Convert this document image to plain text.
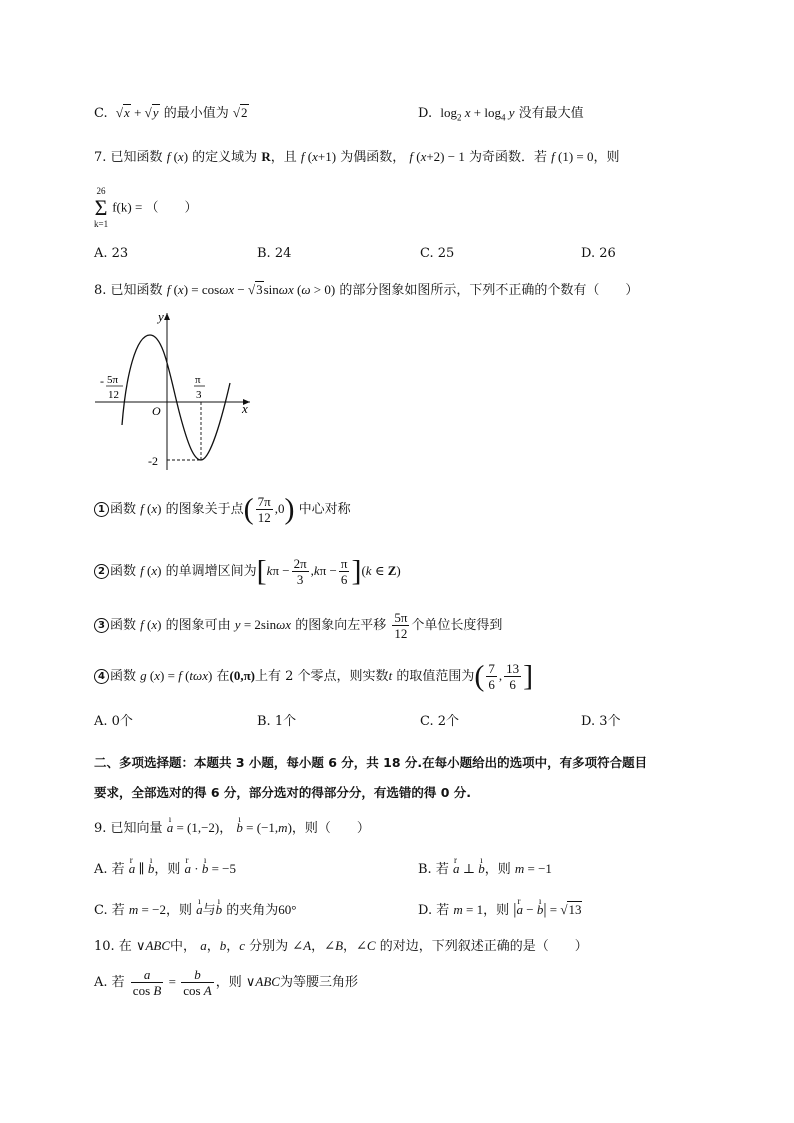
C. √x + √y 的最小值为 √2	D. $\log_2 x + \log_4 y$ 没有最大值
7. 已知函数 f (x) 的定义域为 R，且 f (x+1) 为偶函数， f (x+2) − 1 为奇函数．若 f (1) = 0，则
26
Σ
k=1
f(k) = （　　）
A. 23	B. 24	C. 25	D. 26
8. 已知函数 f (x) = cosωx − √3sinωx (ω > 0) 的部分图象如图所示，下列不正确的个数有（　　）
y
x
O
- 5π
12
π
3
-2
1 函数 f (x) 的图象关于点( $\frac{7\pi}{12} ,0$) 中心对称
2 函数 f (x) 的单调增区间为$[k\pi - \frac{2\pi}{3} ,k\pi - \frac{\pi}{6} ](k$ ∈ Z)
3 函数 f (x) 的图象可由 y = 2sinωx 的图象向左平移 $\frac{5\pi}{12}$ 个单位长度得到
4 函数 g (x) = f (tωx) 在(0,π)上有 2 个零点，则实数t 的取值范围为( $\frac{7}{6}$ , $\frac{13}{6}$ ]
A. 0个	B. 1个	C. 2个	D. 3个
二、多项选择题：本题共 3 小题，每小题 6 分，共 18 分.在每小题给出的选项中，有多项符合题目
要求，全部选对的得 6 分，部分选对的得部分分，有选错的得 0 分.
9. 已知向量 ı a = (1,−2)， ı b = (−1,m)，则（　　）
A. 若 r a ∥ ı b，则 r a · ı b = −5	B. 若 r a ⊥ ı b，则 m = −1
C. 若 m = −2，则 ı a与ı b 的夹角为60°	D. 若 m = 1，则 |r a − ı b| = √13
10. 在 ∨ABC中， a，b，c 分别为 ∠A，∠B，∠C 的对边，下列叙述正确的是（　　）
A. 若 $\frac{a}{\text{cos B}} = \frac{b}{\text{cos A}}$ ，则 ∨ABC为等腰三角形
